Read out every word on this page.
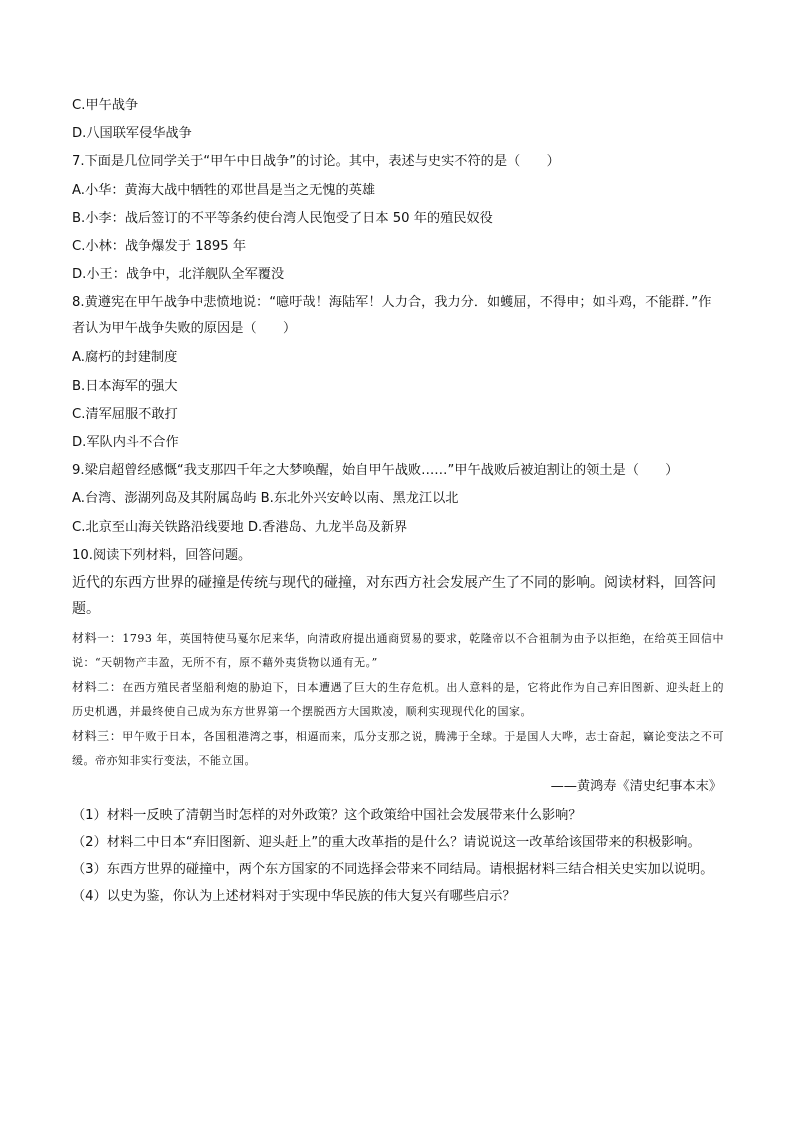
C.甲午战争
D.八国联军侵华战争
7.下面是几位同学关于“甲午中日战争”的讨论。其中，表述与史实不符的是（　　）
A.小华：黄海大战中牺牲的邓世昌是当之无愧的英雄
B.小李：战后签订的不平等条约使台湾人民饱受了日本 50 年的殖民奴役
C.小林：战争爆发于 1895 年
D.小王：战争中，北洋舰队全军覆没
8.黄遵宪在甲午战争中悲愤地说：“噫吁哉！海陆军！人力合，我力分．如蠖屈，不得申；如斗鸡，不能群．”作者认为甲午战争失败的原因是（　　）
A.腐朽的封建制度
B.日本海军的强大
C.清军屈服不敢打
D.军队内斗不合作
9.梁启超曾经感慨“我支那四千年之大梦唤醒，始自甲午战败……”甲午战败后被迫割让的领土是（　　）
A.台湾、澎湖列岛及其附属岛屿 B.东北外兴安岭以南、黑龙江以北
C.北京至山海关铁路沿线要地 D.香港岛、九龙半岛及新界
10.阅读下列材料，回答问题。
近代的东西方世界的碰撞是传统与现代的碰撞，对东西方社会发展产生了不同的影响。阅读材料，回答问题。
材料一：1793 年，英国特使马戛尔尼来华，向清政府提出通商贸易的要求，乾隆帝以不合祖制为由予以拒绝，在给英王回信中说：“天朝物产丰盈，无所不有，原不藉外夷货物以通有无。”
材料二：在西方殖民者坚船利炮的胁迫下，日本遭遇了巨大的生存危机。出人意料的是，它将此作为自己弃旧图新、迎头赶上的历史机遇，并最终使自己成为东方世界第一个摆脱西方大国欺凌，顺利实现现代化的国家。
材料三：甲午败于日本，各国租港湾之事，相逼而来，瓜分支那之说，腾沸于全球。于是国人大哗，志士奋起，竊论变法之不可缓。帝亦知非实行变法，不能立国。
——黄鸿寿《清史纪事本末》
（1）材料一反映了清朝当时怎样的对外政策？这个政策给中国社会发展带来什么影响？
（2）材料二中日本“弃旧图新、迎头赶上”的重大改革指的是什么？请说说这一改革给该国带来的积极影响。
（3）东西方世界的碰撞中，两个东方国家的不同选择会带来不同结局。请根据材料三结合相关史实加以说明。
（4）以史为鉴，你认为上述材料对于实现中华民族的伟大复兴有哪些启示？
